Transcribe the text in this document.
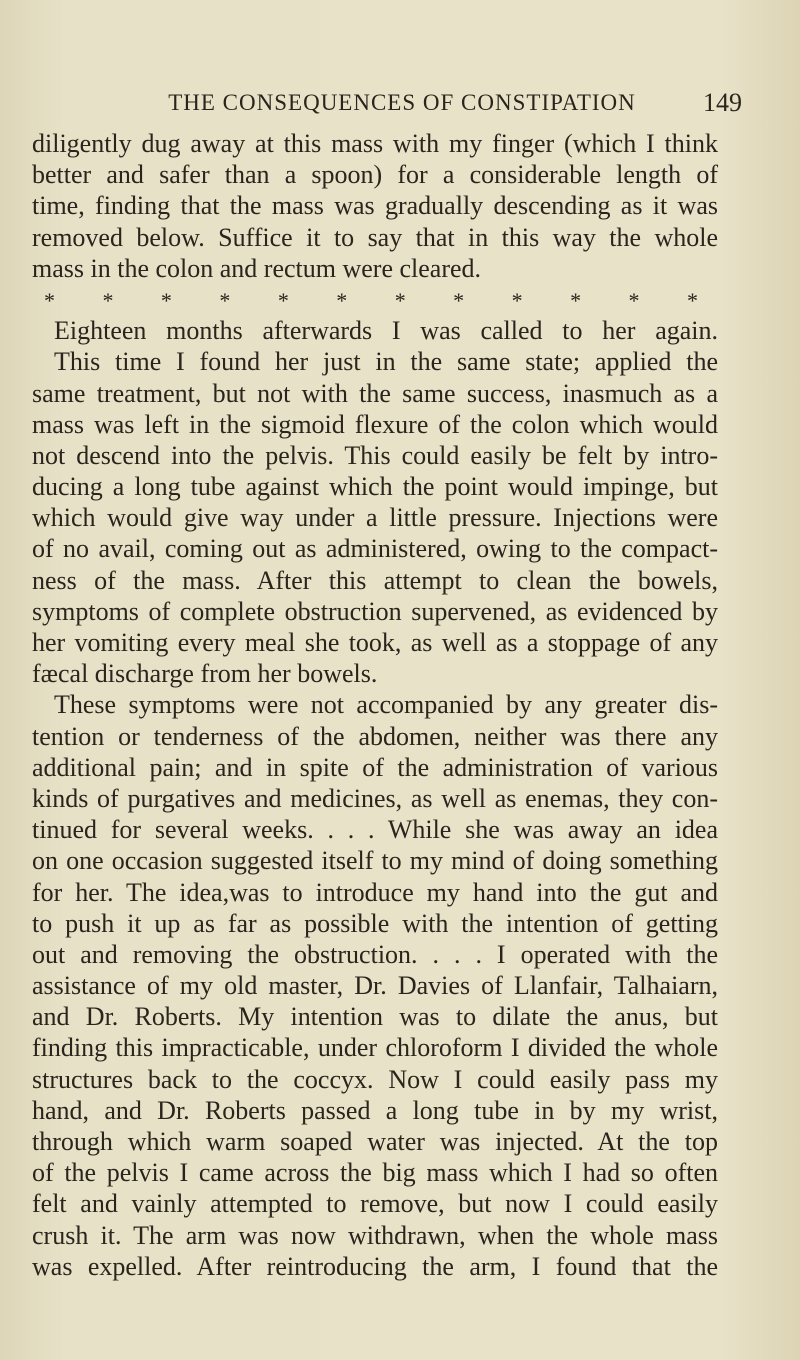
THE CONSEQUENCES OF CONSTIPATION	149
diligently dug away at this mass with my finger (which I think
better and safer than a spoon) for a considerable length of
time, finding that the mass was gradually descending as it was
removed below. Suffice it to say that in this way the whole
mass in the colon and rectum were cleared.
* * * * * * * * * * * *
Eighteen months afterwards I was called to her again.
This time I found her just in the same state; applied the
same treatment, but not with the same success, inasmuch as a
mass was left in the sigmoid flexure of the colon which would
not descend into the pelvis. This could easily be felt by intro-
ducing a long tube against which the point would impinge, but
which would give way under a little pressure. Injections were
of no avail, coming out as administered, owing to the compact-
ness of the mass. After this attempt to clean the bowels,
symptoms of complete obstruction supervened, as evidenced by
her vomiting every meal she took, as well as a stoppage of any
fæcal discharge from her bowels.
These symptoms were not accompanied by any greater dis-
tention or tenderness of the abdomen, neither was there any
additional pain; and in spite of the administration of various
kinds of purgatives and medicines, as well as enemas, they con-
tinued for several weeks. . . . While she was away an idea
on one occasion suggested itself to my mind of doing something
for her. The idea,was to introduce my hand into the gut and
to push it up as far as possible with the intention of getting
out and removing the obstruction. . . . I operated with the
assistance of my old master, Dr. Davies of Llanfair, Talhaiarn,
and Dr. Roberts. My intention was to dilate the anus, but
finding this impracticable, under chloroform I divided the whole
structures back to the coccyx. Now I could easily pass my
hand, and Dr. Roberts passed a long tube in by my wrist,
through which warm soaped water was injected. At the top
of the pelvis I came across the big mass which I had so often
felt and vainly attempted to remove, but now I could easily
crush it. The arm was now withdrawn, when the whole mass
was expelled. After reintroducing the arm, I found that the
